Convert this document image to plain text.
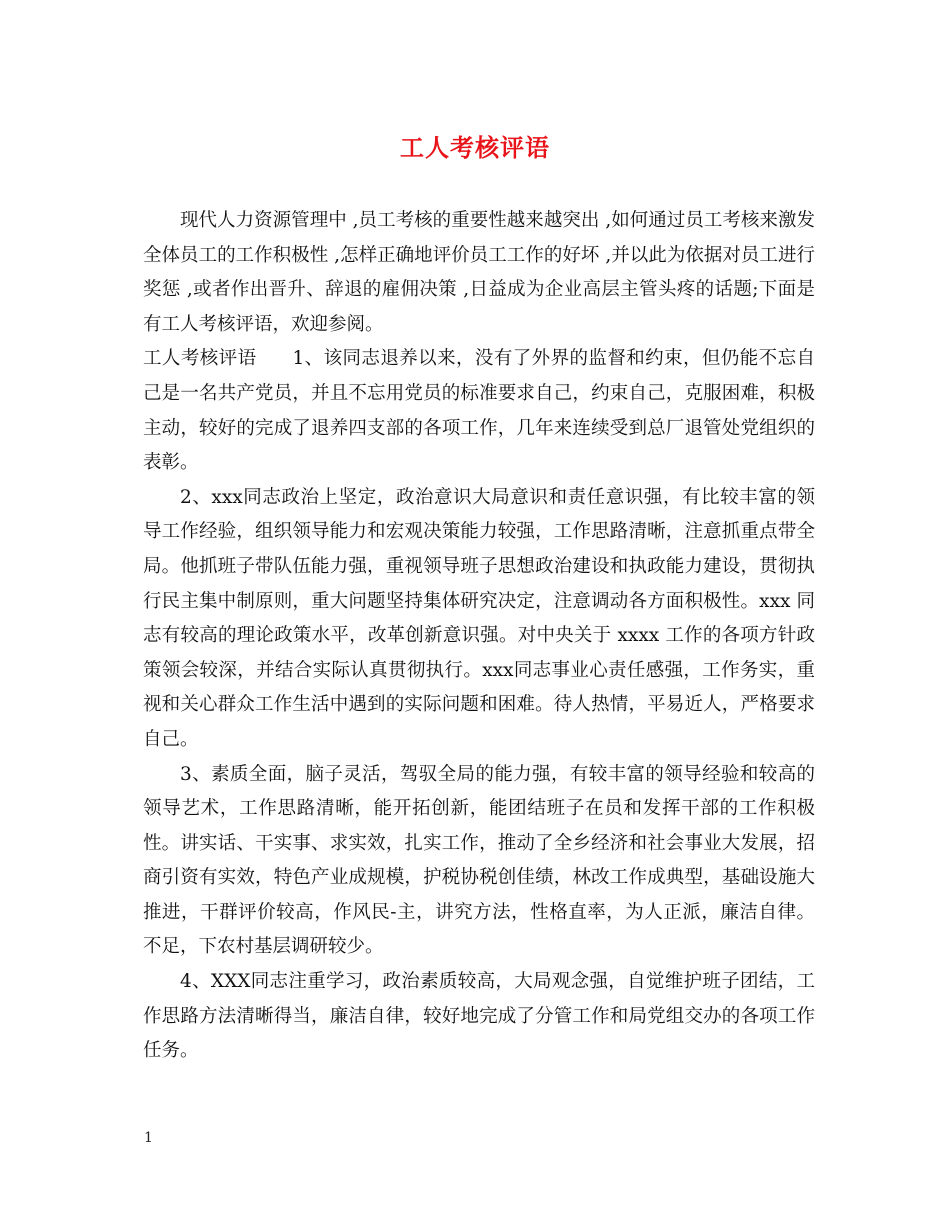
工人考核评语

现代人力资源管理中 ,员工考核的重要性越来越突出 ,如何通过员工考核来激发全体员工的工作积极性 ,怎样正确地评价员工工作的好坏 ,并以此为依据对员工进行奖惩 ,或者作出晋升、辞退的雇佣决策 ,日益成为企业高层主管头疼的话题;下面是有工人考核评语，欢迎参阅。

工人考核评语 1、该同志退养以来，没有了外界的监督和约束，但仍能不忘自己是一名共产党员，并且不忘用党员的标准要求自己，约束自己，克服困难，积极主动，较好的完成了退养四支部的各项工作，几年来连续受到总厂退管处党组织的表彰。

2、xxx同志政治上坚定，政治意识大局意识和责任意识强，有比较丰富的领导工作经验，组织领导能力和宏观决策能力较强，工作思路清晰，注意抓重点带全局。他抓班子带队伍能力强，重视领导班子思想政治建设和执政能力建设，贯彻执行民主集中制原则，重大问题坚持集体研究决定，注意调动各方面积极性。xxx 同志有较高的理论政策水平，改革创新意识强。对中央关于 xxxx 工作的各项方针政策领会较深，并结合实际认真贯彻执行。xxx同志事业心责任感强，工作务实，重视和关心群众工作生活中遇到的实际问题和困难。待人热情，平易近人，严格要求自己。

3、素质全面，脑子灵活，驾驭全局的能力强，有较丰富的领导经验和较高的领导艺术，工作思路清晰，能开拓创新，能团结班子在员和发挥干部的工作积极性。讲实话、干实事、求实效，扎实工作，推动了全乡经济和社会事业大发展，招商引资有实效，特色产业成规模，护税协税创佳绩，林改工作成典型，基础设施大推进，干群评价较高，作风民-主，讲究方法，性格直率，为人正派，廉洁自律。不足，下农村基层调研较少。

4、XXX同志注重学习，政治素质较高，大局观念强，自觉维护班子团结，工作思路方法清晰得当，廉洁自律，较好地完成了分管工作和局党组交办的各项工作任务。

1
